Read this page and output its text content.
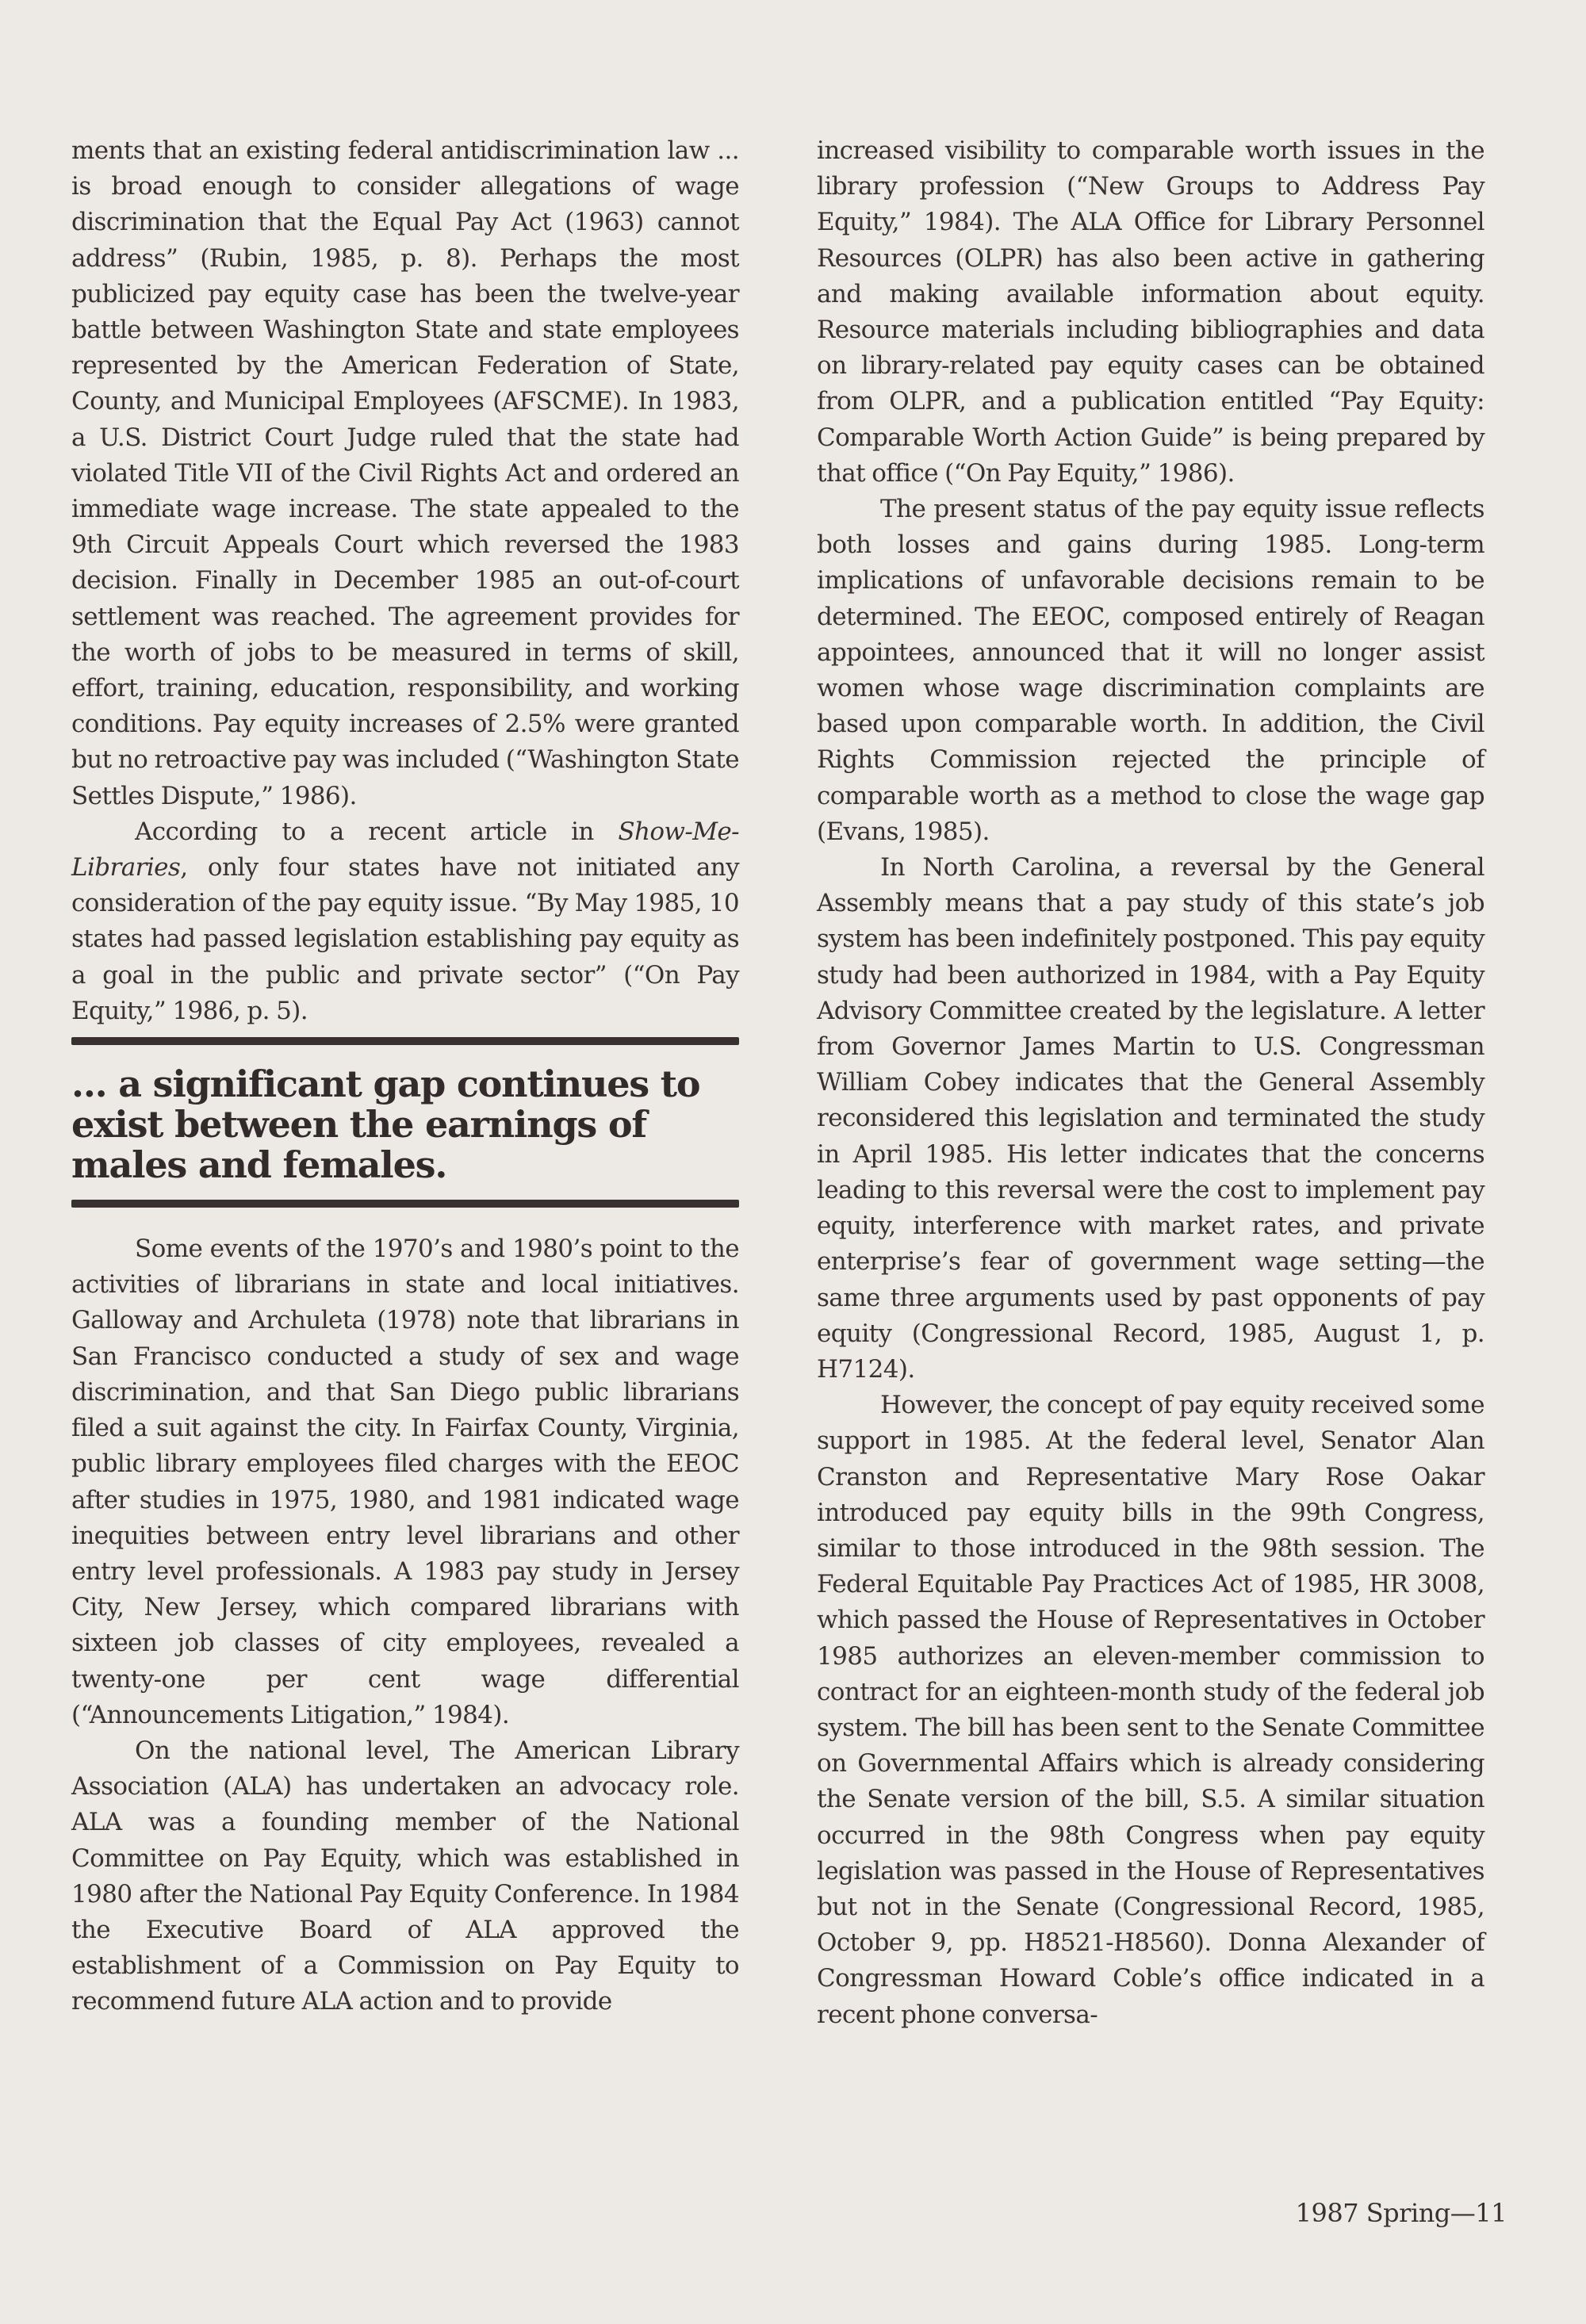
ments that an existing federal antidiscrimination law ... is broad enough to consider allegations of wage discrimination that the Equal Pay Act (1963) cannot address” (Rubin, 1985, p. 8). Perhaps the most publicized pay equity case has been the twelve-year battle between Washington State and state employees represented by the American Federation of State, County, and Municipal Employees (AFSCME). In 1983, a U.S. District Court Judge ruled that the state had violated Title VII of the Civil Rights Act and ordered an immediate wage increase. The state appealed to the 9th Circuit Appeals Court which reversed the 1983 decision. Finally in December 1985 an out-of-court settlement was reached. The agreement provides for the worth of jobs to be measured in terms of skill, effort, training, education, responsibility, and working conditions. Pay equity increases of 2.5% were granted but no retroactive pay was included (“Washington State Settles Dispute,” 1986).

According to a recent article in Show-Me-Libraries, only four states have not initiated any consideration of the pay equity issue. “By May 1985, 10 states had passed legislation establishing pay equity as a goal in the public and private sector” (“On Pay Equity,” 1986, p. 5).

... a significant gap continues to exist between the earnings of males and females.

Some events of the 1970’s and 1980’s point to the activities of librarians in state and local initiatives. Galloway and Archuleta (1978) note that librarians in San Francisco conducted a study of sex and wage discrimination, and that San Diego public librarians filed a suit against the city. In Fairfax County, Virginia, public library employees filed charges with the EEOC after studies in 1975, 1980, and 1981 indicated wage inequities between entry level librarians and other entry level professionals. A 1983 pay study in Jersey City, New Jersey, which compared librarians with sixteen job classes of city employees, revealed a twenty-one per cent wage differential (“Announcements Litigation,” 1984).

On the national level, The American Library Association (ALA) has undertaken an advocacy role. ALA was a founding member of the National Committee on Pay Equity, which was established in 1980 after the National Pay Equity Conference. In 1984 the Executive Board of ALA approved the establishment of a Commission on Pay Equity to recommend future ALA action and to provide

increased visibility to comparable worth issues in the library profession (“New Groups to Address Pay Equity,” 1984). The ALA Office for Library Personnel Resources (OLPR) has also been active in gathering and making available information about equity. Resource materials including bibliographies and data on library-related pay equity cases can be obtained from OLPR, and a publication entitled “Pay Equity: Comparable Worth Action Guide” is being prepared by that office (“On Pay Equity,” 1986).

The present status of the pay equity issue reflects both losses and gains during 1985. Long-term implications of unfavorable decisions remain to be determined. The EEOC, composed entirely of Reagan appointees, announced that it will no longer assist women whose wage discrimination complaints are based upon comparable worth. In addition, the Civil Rights Commission rejected the principle of comparable worth as a method to close the wage gap (Evans, 1985).

In North Carolina, a reversal by the General Assembly means that a pay study of this state’s job system has been indefinitely postponed. This pay equity study had been authorized in 1984, with a Pay Equity Advisory Committee created by the legislature. A letter from Governor James Martin to U.S. Congressman William Cobey indicates that the General Assembly reconsidered this legislation and terminated the study in April 1985. His letter indicates that the concerns leading to this reversal were the cost to implement pay equity, interference with market rates, and private enterprise’s fear of government wage setting—the same three arguments used by past opponents of pay equity (Congressional Record, 1985, August 1, p. H7124).

However, the concept of pay equity received some support in 1985. At the federal level, Senator Alan Cranston and Representative Mary Rose Oakar introduced pay equity bills in the 99th Congress, similar to those introduced in the 98th session. The Federal Equitable Pay Practices Act of 1985, HR 3008, which passed the House of Representatives in October 1985 authorizes an eleven-member commission to contract for an eighteen-month study of the federal job system. The bill has been sent to the Senate Committee on Governmental Affairs which is already considering the Senate version of the bill, S.5. A similar situation occurred in the 98th Congress when pay equity legislation was passed in the House of Representatives but not in the Senate (Congressional Record, 1985, October 9, pp. H8521-H8560). Donna Alexander of Congressman Howard Coble’s office indicated in a recent phone conversa-

1987 Spring—11
